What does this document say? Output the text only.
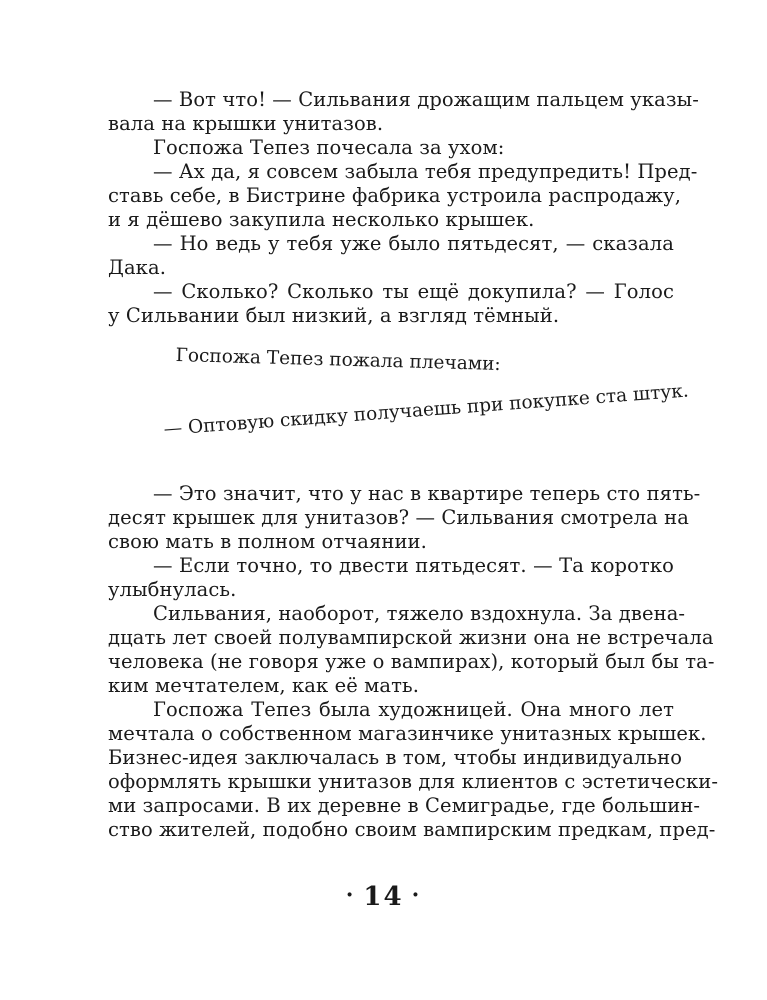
— Вот что! — Сильвания дрожащим пальцем указы-
вала на крышки унитазов.
Госпожа Тепез почесала за ухом:
— Ах да, я совсем забыла тебя предупредить! Пред-
ставь себе, в Бистрине фабрика устроила распродажу,
и я дёшево закупила несколько крышек.
— Но ведь у тебя уже было пятьдесят, — сказала
Дака.
— Сколько? Сколько ты ещё докупила? — Голос
у Сильвании был низкий, а взгляд тёмный.
Госпожа Тепез пожала плечами:
— Оптовую скидку получаешь при покупке ста штук.
— Это значит, что у нас в квартире теперь сто пять-
десят крышек для унитазов? — Сильвания смотрела на
свою мать в полном отчаянии.
— Если точно, то двести пятьдесят. — Та коротко
улыбнулась.
Сильвания, наоборот, тяжело вздохнула. За двена-
дцать лет своей полувампирской жизни она не встречала
человека (не говоря уже о вампирах), который был бы та-
ким мечтателем, как её мать.
Госпожа Тепез была художницей. Она много лет
мечтала о собственном магазинчике унитазных крышек.
Бизнес-идея заключалась в том, чтобы индивидуально
оформлять крышки унитазов для клиентов с эстетически-
ми запросами. В их деревне в Семиградье, где большин-
ство жителей, подобно своим вампирским предкам, пред-
· 14 ·
